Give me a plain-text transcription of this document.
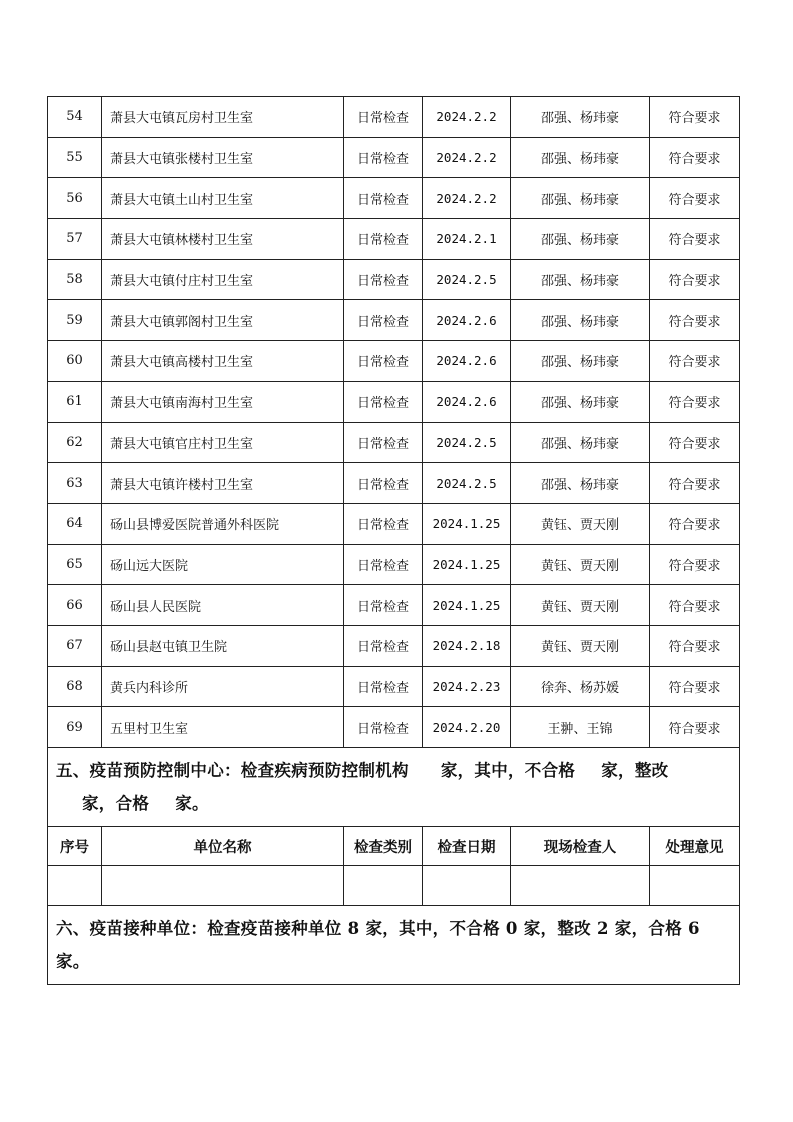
54	萧县大屯镇瓦房村卫生室	日常检查	2024.2.2	邵强、杨玮豪	符合要求
55	萧县大屯镇张楼村卫生室	日常检查	2024.2.2	邵强、杨玮豪	符合要求
56	萧县大屯镇土山村卫生室	日常检查	2024.2.2	邵强、杨玮豪	符合要求
57	萧县大屯镇林楼村卫生室	日常检查	2024.2.1	邵强、杨玮豪	符合要求
58	萧县大屯镇付庄村卫生室	日常检查	2024.2.5	邵强、杨玮豪	符合要求
59	萧县大屯镇郭阁村卫生室	日常检查	2024.2.6	邵强、杨玮豪	符合要求
60	萧县大屯镇高楼村卫生室	日常检查	2024.2.6	邵强、杨玮豪	符合要求
61	萧县大屯镇南海村卫生室	日常检查	2024.2.6	邵强、杨玮豪	符合要求
62	萧县大屯镇官庄村卫生室	日常检查	2024.2.5	邵强、杨玮豪	符合要求
63	萧县大屯镇许楼村卫生室	日常检查	2024.2.5	邵强、杨玮豪	符合要求
64	砀山县博爱医院普通外科医院	日常检查	2024.1.25	黄钰、贾天刚	符合要求
65	砀山远大医院	日常检查	2024.1.25	黄钰、贾天刚	符合要求
66	砀山县人民医院	日常检查	2024.1.25	黄钰、贾天刚	符合要求
67	砀山县赵屯镇卫生院	日常检查	2024.2.18	黄钰、贾天刚	符合要求
68	黄兵内科诊所	日常检查	2024.2.23	徐奔、杨苏媛	符合要求
69	五里村卫生室	日常检查	2024.2.20	王翀、王锦	符合要求
五、疫苗预防控制中心：检查疾病预防控制机构 家，其中，不合格 家，整改
家，合格 家。					
序号	单位名称	检查类别	检查日期	现场检查人	处理意见

六、疫苗接种单位：检查疫苗接种单位 8 家，其中，不合格 0 家，整改 2 家，合格 6 家。					
